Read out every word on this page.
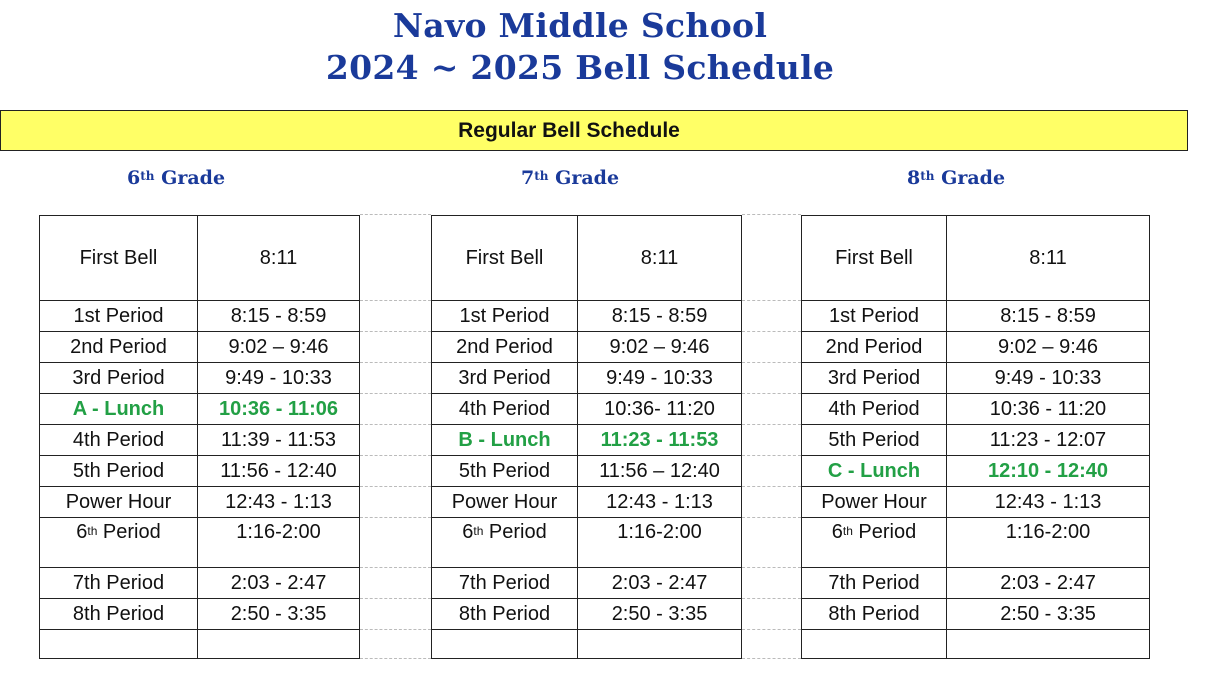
Navo Middle School
2024 ~ 2025 Bell Schedule
Regular Bell Schedule
6th Grade	7th Grade	8th Grade
First Bell	8:11
1st Period	8:15 - 8:59
2nd Period	9:02 – 9:46
3rd Period	9:49 - 10:33
A - Lunch	10:36 - 11:06
4th Period	11:39 - 11:53
5th Period	11:56 - 12:40
Power Hour	12:43 - 1:13
6th Period	1:16-2:00
7th Period	2:03 - 2:47
8th Period	2:50 - 3:35

First Bell	8:11
1st Period	8:15 - 8:59
2nd Period	9:02 – 9:46
3rd Period	9:49 - 10:33
4th Period	10:36- 11:20
B - Lunch	11:23 - 11:53
5th Period	11:56 – 12:40
Power Hour	12:43 - 1:13
6th Period	1:16-2:00
7th Period	2:03 - 2:47
8th Period	2:50 - 3:35

First Bell	8:11
1st Period	8:15 - 8:59
2nd Period	9:02 – 9:46
3rd Period	9:49 - 10:33
4th Period	10:36 - 11:20
5th Period	11:23 - 12:07
C - Lunch	12:10 - 12:40
Power Hour	12:43 - 1:13
6th Period	1:16-2:00
7th Period	2:03 - 2:47
8th Period	2:50 - 3:35
